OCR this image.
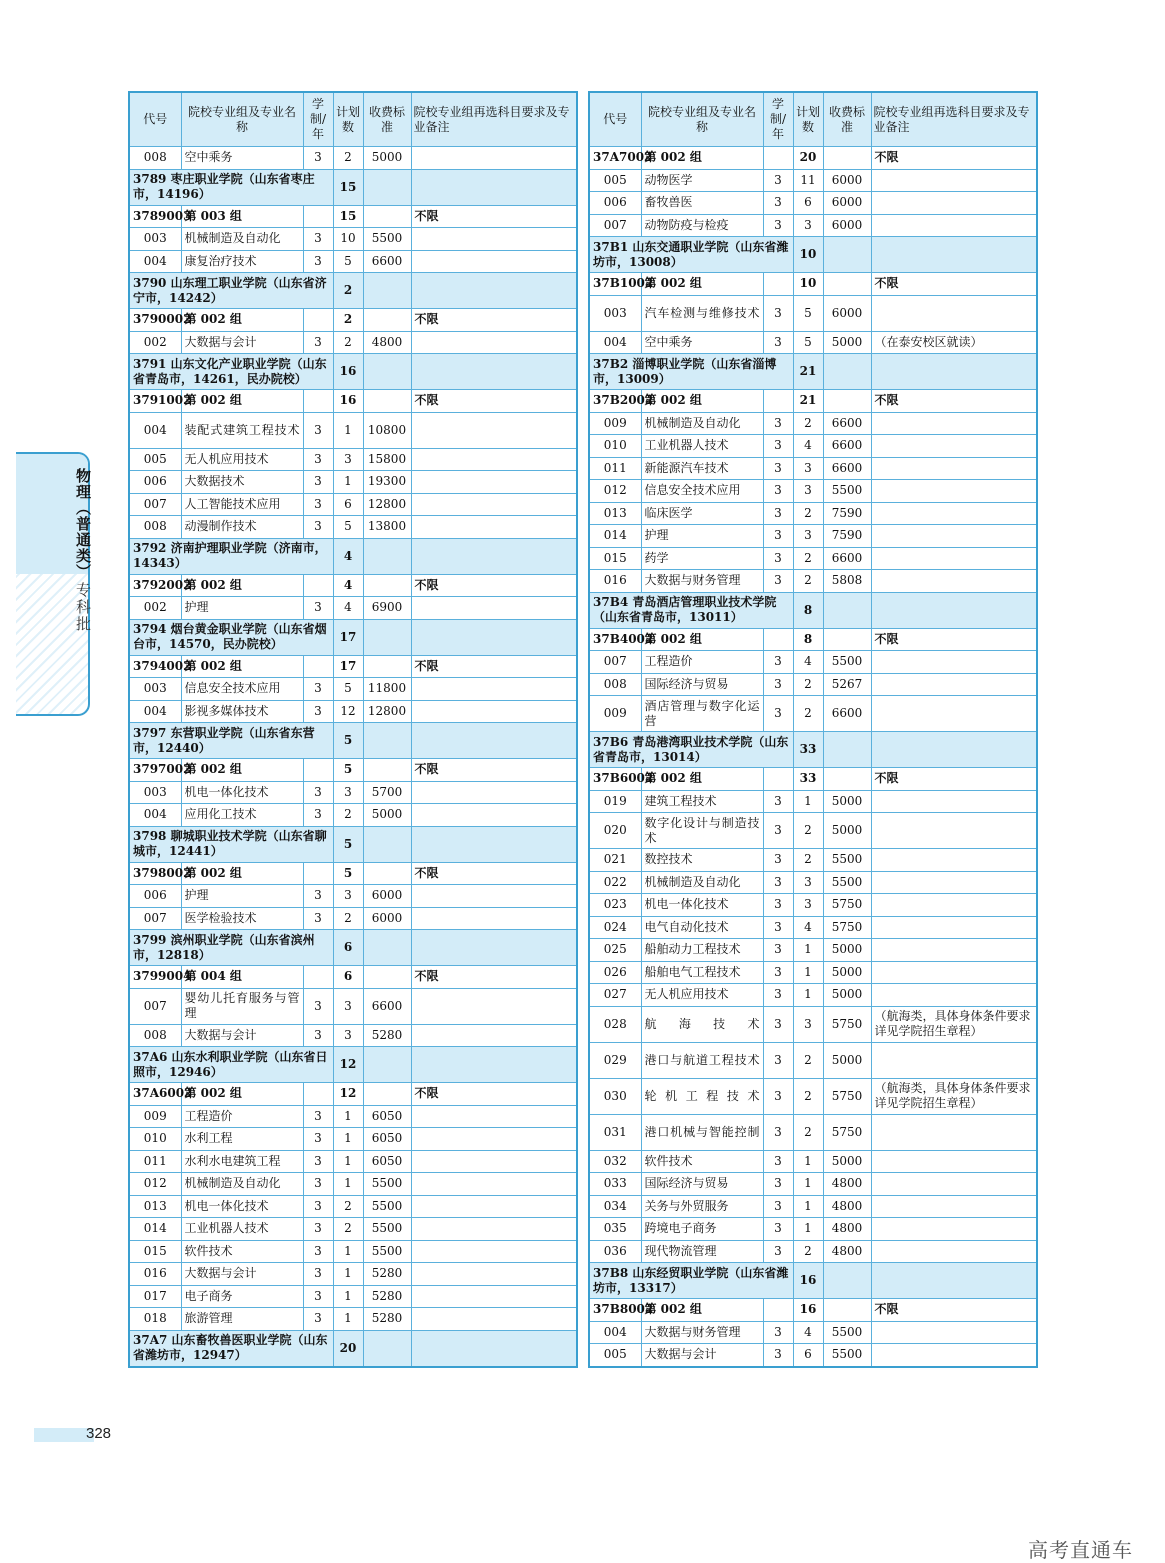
物理（普通类）
专科批
代号	院校专业组及专业名称	学制/年	计划数	收费标准	院校专业组再选科目要求及专业备注
008	空中乘务	3	2	5000	
3789 枣庄职业学院（山东省枣庄市，14196）			15		
3789003	第 003 组		15		不限
003	机械制造及自动化	3	10	5500	
004	康复治疗技术	3	5	6600	
3790 山东理工职业学院（山东省济宁市，14242）			2		
3790002	第 002 组		2		不限
002	大数据与会计	3	2	4800	
3791 山东文化产业职业学院（山东省青岛市，14261，民办院校）			16		
3791002	第 002 组		16		不限
004	装配式建筑工程技术	3	1	10800	
005	无人机应用技术	3	3	15800	
006	大数据技术	3	1	19300	
007	人工智能技术应用	3	6	12800	
008	动漫制作技术	3	5	13800	
3792 济南护理职业学院（济南市，14343）			4		
3792002	第 002 组		4		不限
002	护理	3	4	6900	
3794 烟台黄金职业学院（山东省烟台市，14570，民办院校）			17		
3794002	第 002 组		17		不限
003	信息安全技术应用	3	5	11800	
004	影视多媒体技术	3	12	12800	
3797 东营职业学院（山东省东营市，12440）			5		
3797002	第 002 组		5		不限
003	机电一体化技术	3	3	5700	
004	应用化工技术	3	2	5000	
3798 聊城职业技术学院（山东省聊城市，12441）			5		
3798002	第 002 组		5		不限
006	护理	3	3	6000	
007	医学检验技术	3	2	6000	
3799 滨州职业学院（山东省滨州市，12818）			6		
3799004	第 004 组		6		不限
007	婴幼儿托育服务与管理	3	3	6600	
008	大数据与会计	3	3	5280	
37A6 山东水利职业学院（山东省日照市，12946）			12		
37A6002	第 002 组		12		不限
009	工程造价	3	1	6050	
010	水利工程	3	1	6050	
011	水利水电建筑工程	3	1	6050	
012	机械制造及自动化	3	1	5500	
013	机电一体化技术	3	2	5500	
014	工业机器人技术	3	2	5500	
015	软件技术	3	1	5500	
016	大数据与会计	3	1	5280	
017	电子商务	3	1	5280	
018	旅游管理	3	1	5280	
37A7 山东畜牧兽医职业学院（山东省潍坊市，12947）			20		
代号	院校专业组及专业名称	学制/年	计划数	收费标准	院校专业组再选科目要求及专业备注
37A7002	第 002 组		20		不限
005	动物医学	3	11	6000	
006	畜牧兽医	3	6	6000	
007	动物防疫与检疫	3	3	6000	
37B1 山东交通职业学院（山东省潍坊市，13008）			10		
37B1002	第 002 组		10		不限
003	汽车检测与维修技术	3	5	6000	
004	空中乘务	3	5	5000	（在泰安校区就读）
37B2 淄博职业学院（山东省淄博市，13009）			21		
37B2002	第 002 组		21		不限
009	机械制造及自动化	3	2	6600	
010	工业机器人技术	3	4	6600	
011	新能源汽车技术	3	3	6600	
012	信息安全技术应用	3	3	5500	
013	临床医学	3	2	7590	
014	护理	3	3	7590	
015	药学	3	2	6600	
016	大数据与财务管理	3	2	5808	
37B4 青岛酒店管理职业技术学院（山东省青岛市，13011）			8		
37B4002	第 002 组		8		不限
007	工程造价	3	4	5500	
008	国际经济与贸易	3	2	5267	
009	酒店管理与数字化运营	3	2	6600	
37B6 青岛港湾职业技术学院（山东省青岛市，13014）			33		
37B6002	第 002 组		33		不限
019	建筑工程技术	3	1	5000	
020	数字化设计与制造技术	3	2	5000	
021	数控技术	3	2	5500	
022	机械制造及自动化	3	3	5500	
023	机电一体化技术	3	3	5750	
024	电气自动化技术	3	4	5750	
025	船舶动力工程技术	3	1	5000	
026	船舶电气工程技术	3	1	5000	
027	无人机应用技术	3	1	5000	
028	航海技术	3	3	5750	（航海类，具体身体条件要求详见学院招生章程）
029	港口与航道工程技术	3	2	5000	
030	轮机工程技术	3	2	5750	（航海类，具体身体条件要求详见学院招生章程）
031	港口机械与智能控制	3	2	5750	
032	软件技术	3	1	5000	
033	国际经济与贸易	3	1	4800	
034	关务与外贸服务	3	1	4800	
035	跨境电子商务	3	1	4800	
036	现代物流管理	3	2	4800	
37B8 山东经贸职业学院（山东省潍坊市，13317）			16		
37B8002	第 002 组		16		不限
004	大数据与财务管理	3	4	5500	
005	大数据与会计	3	6	5500	
328
高考直通车
